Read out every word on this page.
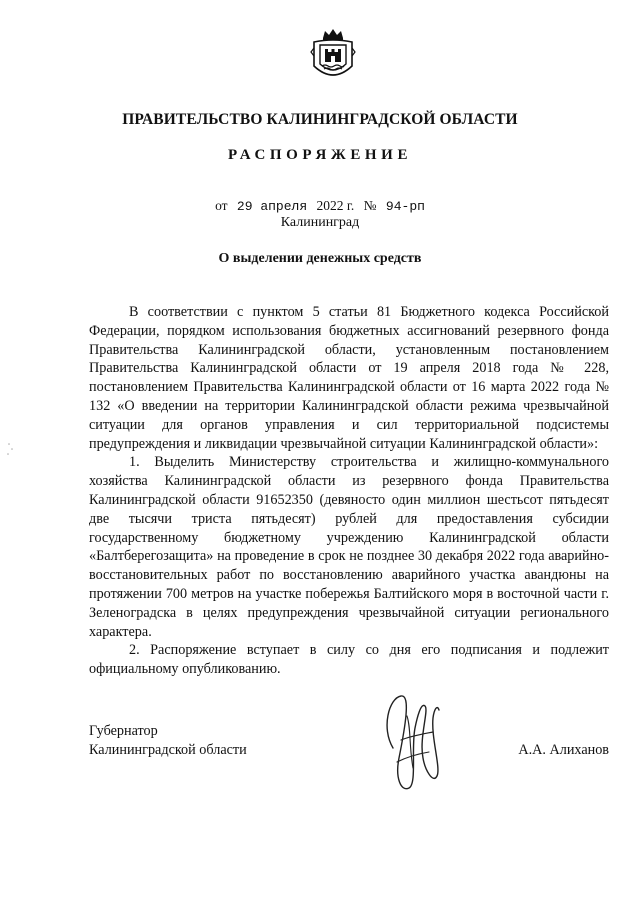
ПРАВИТЕЛЬСТВО КАЛИНИНГРАДСКОЙ ОБЛАСТИ
РАСПОРЯЖЕНИЕ
от 29 апреля 2022 г. № 94-рп
Калининград
О выделении денежных средств

В соответствии с пунктом 5 статьи 81 Бюджетного кодекса Российской Федерации, порядком использования бюджетных ассигнований резервного фонда Правительства Калининградской области, установленным постановлением Правительства Калининградской области от 19 апреля 2018 года № 228, постановлением Правительства Калининградской области от 16 марта 2022 года № 132 «О введении на территории Калининградской области режима чрезвычайной ситуации для органов управления и сил территориальной подсистемы предупреждения и ликвидации чрезвычайной ситуации Калининградской области»:

1. Выделить Министерству строительства и жилищно-коммунального хозяйства Калининградской области из резервного фонда Правительства Калининградской области 91652350 (девяносто один миллион шестьсот пятьдесят две тысячи триста пятьдесят) рублей для предоставления субсидии государственному бюджетному учреждению Калининградской области «Балтберегозащита» на проведение в срок не позднее 30 декабря 2022 года аварийно-восстановительных работ по восстановлению аварийного участка авандюны на протяжении 700 метров на участке побережья Балтийского моря в восточной части г. Зеленоградска в целях предупреждения чрезвычайной ситуации регионального характера.

2. Распоряжение вступает в силу со дня его подписания и подлежит официальному опубликованию.

Губернатор
Калининградской области	А.А. Алиханов
